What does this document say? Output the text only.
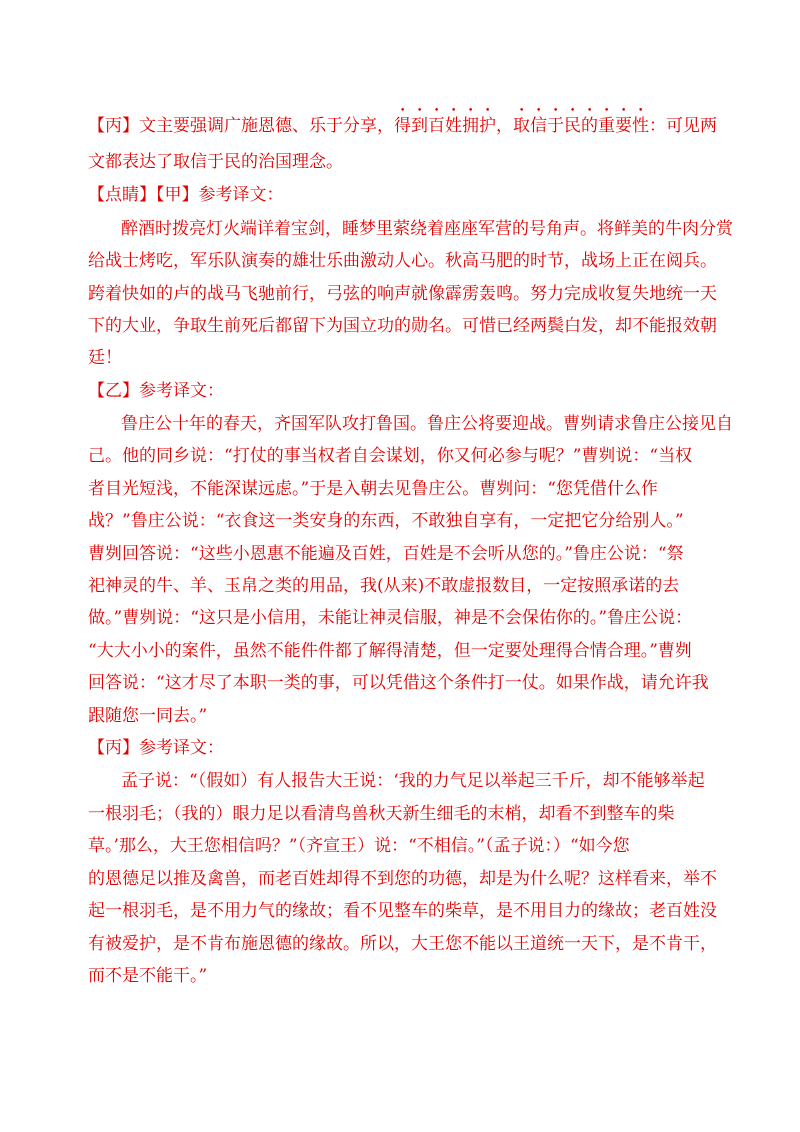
【丙】文主要强调广施恩德、乐于分享，得到百姓拥护，取信于民的重要性：可见两
文都表达了取信于民的治国理念。
【点睛】【甲】参考译文：
醉酒时拨亮灯火端详着宝剑，睡梦里萦绕着座座军营的号角声。将鲜美的牛肉分赏
给战士烤吃，军乐队演奏的雄壮乐曲激动人心。秋高马肥的时节，战场上正在阅兵。
跨着快如的卢的战马飞驰前行，弓弦的响声就像霹雳轰鸣。努力完成收复失地统一天
下的大业，争取生前死后都留下为国立功的勋名。可惜已经两鬓白发，却不能报效朝
廷！
【乙】参考译文：
鲁庄公十年的春天，齐国军队攻打鲁国。鲁庄公将要迎战。曹刿请求鲁庄公接见自
己。他的同乡说：“打仗的事当权者自会谋划，你又何必参与呢？”曹刿说：“当权
者目光短浅，不能深谋远虑。”于是入朝去见鲁庄公。曹刿问：“您凭借什么作
战？”鲁庄公说：“衣食这一类安身的东西，不敢独自享有，一定把它分给别人。”
曹刿回答说：“这些小恩惠不能遍及百姓，百姓是不会听从您的。”鲁庄公说：“祭
祀神灵的牛、羊、玉帛之类的用品，我(从来)不敢虚报数目，一定按照承诺的去
做。”曹刿说：“这只是小信用，未能让神灵信服，神是不会保佑你的。”鲁庄公说：
“大大小小的案件，虽然不能件件都了解得清楚，但一定要处理得合情合理。”曹刿
回答说：“这才尽了本职一类的事，可以凭借这个条件打一仗。如果作战，请允许我
跟随您一同去。”
【丙】参考译文：
孟子说：“（假如）有人报告大王说：‘我的力气足以举起三千斤，却不能够举起
一根羽毛；（我的）眼力足以看清鸟兽秋天新生细毛的末梢，却看不到整车的柴
草。’那么，大王您相信吗？”（齐宣王）说：“不相信。”（孟子说：）“如今您
的恩德足以推及禽兽，而老百姓却得不到您的功德，却是为什么呢？这样看来，举不
起一根羽毛，是不用力气的缘故；看不见整车的柴草，是不用目力的缘故；老百姓没
有被爱护，是不肯布施恩德的缘故。所以，大王您不能以王道统一天下，是不肯干，
而不是不能干。”
